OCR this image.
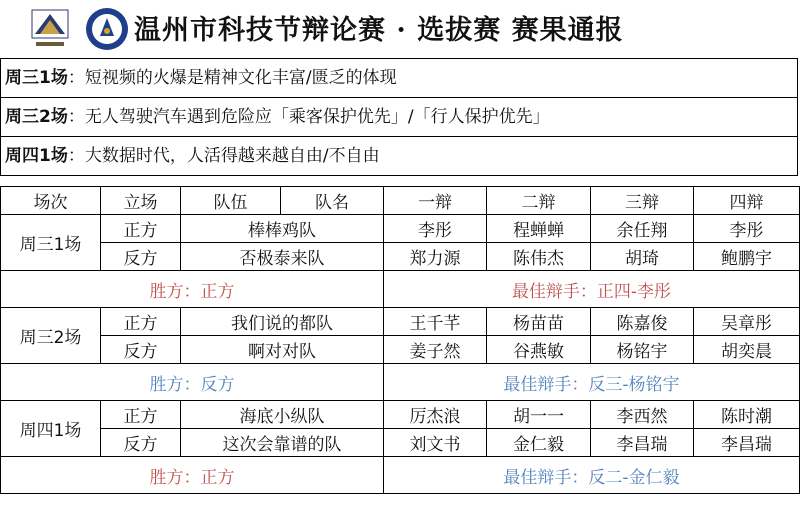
温州市科技节辩论赛 · 选拔赛 赛果通报
周三1场：短视频的火爆是精神文化丰富/匮乏的体现
周三2场：无人驾驶汽车遇到危险应「乘客保护优先」/「行人保护优先」
周四1场：大数据时代，人活得越来越自由/不自由
场次	立场	队伍	队名	一辩	二辩	三辩	四辩
周三1场	正方	棒棒鸡队		李彤	程蝉蝉	余任翔	李彤
	反方	否极泰来队		郑力源	陈伟杰	胡琦	鲍鹏宇
胜方：正方				最佳辩手：正四-李彤			
周三2场	正方	我们说的都队		王千芊	杨苗苗	陈嘉俊	吴章彤
	反方	啊对对队		姜子然	谷燕敏	杨铭宇	胡奕晨
胜方：反方				最佳辩手：反三-杨铭宇			
周四1场	正方	海底小纵队		厉杰浪	胡一一	李西然	陈时潮
	反方	这次会靠谱的队		刘文书	金仁毅	李昌瑞	李昌瑞
胜方：正方				最佳辩手：反二-金仁毅			
